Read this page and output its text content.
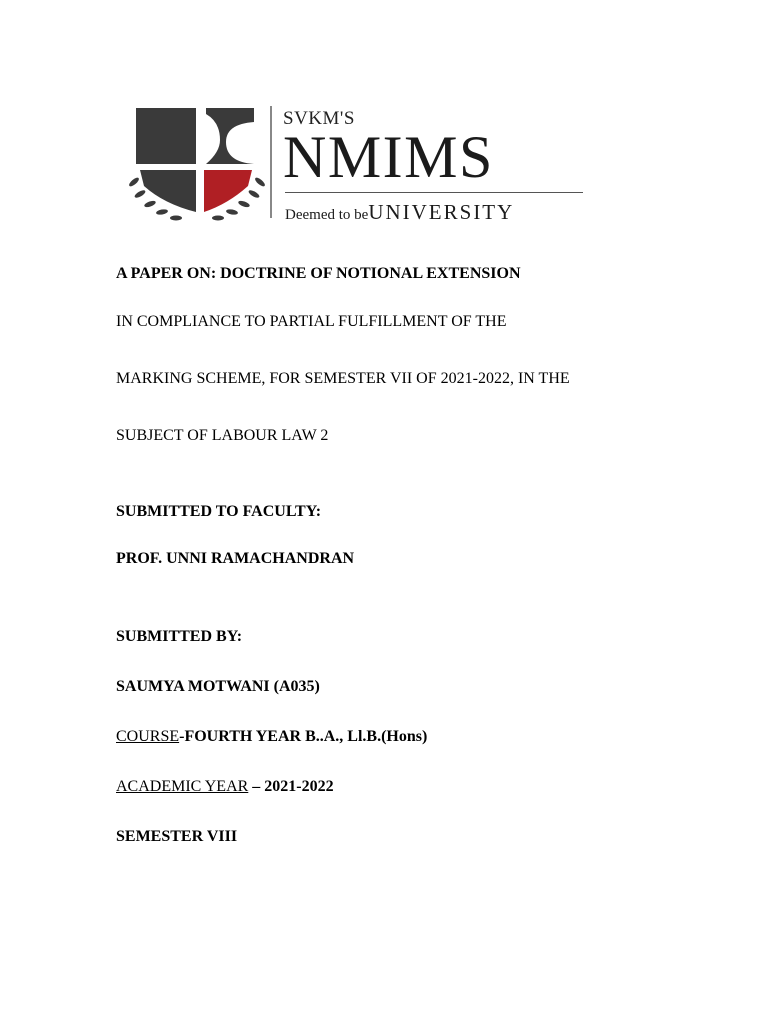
SVKM'S
NMIMS
Deemed to beUNIVERSITY
A PAPER ON: DOCTRINE OF NOTIONAL EXTENSION
IN COMPLIANCE TO PARTIAL FULFILLMENT OF THE
MARKING SCHEME, FOR SEMESTER VII OF 2021-2022, IN THE
SUBJECT OF LABOUR LAW 2
SUBMITTED TO FACULTY:
PROF. UNNI RAMACHANDRAN
SUBMITTED BY:
SAUMYA MOTWANI (A035)
COURSE-FOURTH YEAR B..A., Ll.B.(Hons)
ACADEMIC YEAR – 2021-2022
SEMESTER VIII
